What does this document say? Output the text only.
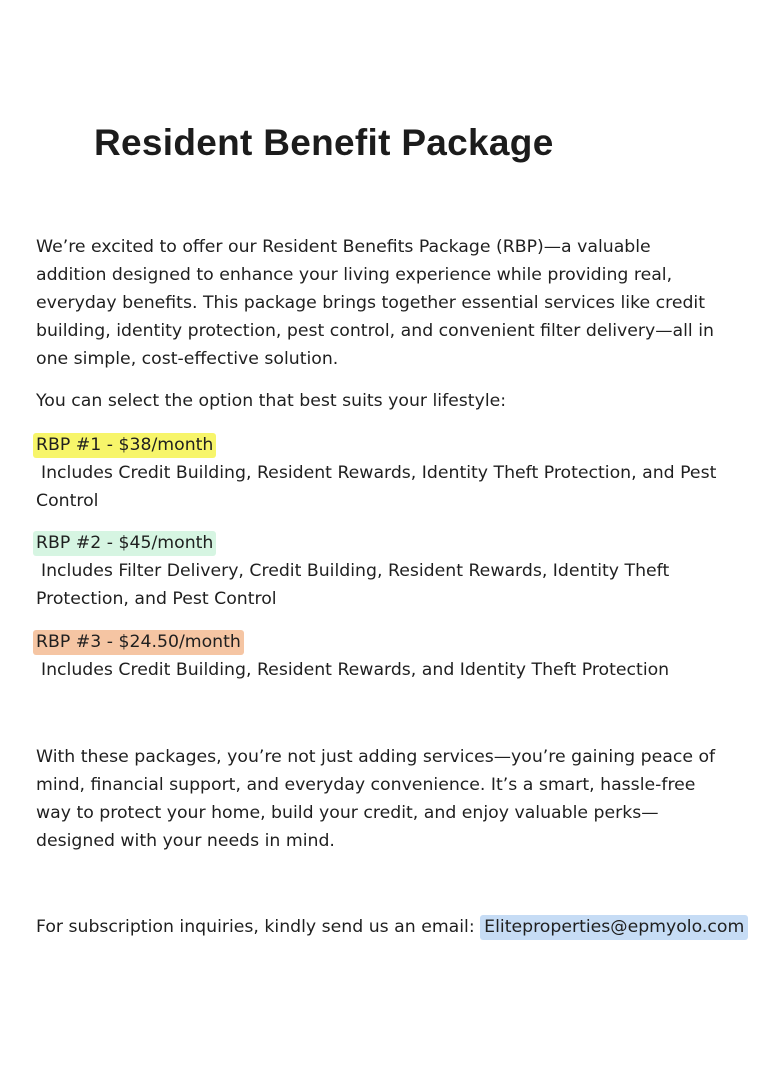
Resident Benefit Package

We’re excited to offer our Resident Benefits Package (RBP)—a valuable addition designed to enhance your living experience while providing real, everyday benefits. This package brings together essential services like credit building, identity protection, pest control, and convenient filter delivery—all in one simple, cost-effective solution.

You can select the option that best suits your lifestyle:

RBP #1 - $38/month
Includes Credit Building, Resident Rewards, Identity Theft Protection, and Pest Control
RBP #2 - $45/month
Includes Filter Delivery, Credit Building, Resident Rewards, Identity Theft Protection, and Pest Control
RBP #3 - $24.50/month
Includes Credit Building, Resident Rewards, and Identity Theft Protection

With these packages, you’re not just adding services—you’re gaining peace of mind, financial support, and everyday convenience. It’s a smart, hassle-free way to protect your home, build your credit, and enjoy valuable perks—designed with your needs in mind.

For subscription inquiries, kindly send us an email: Eliteproperties@epmyolo.com
